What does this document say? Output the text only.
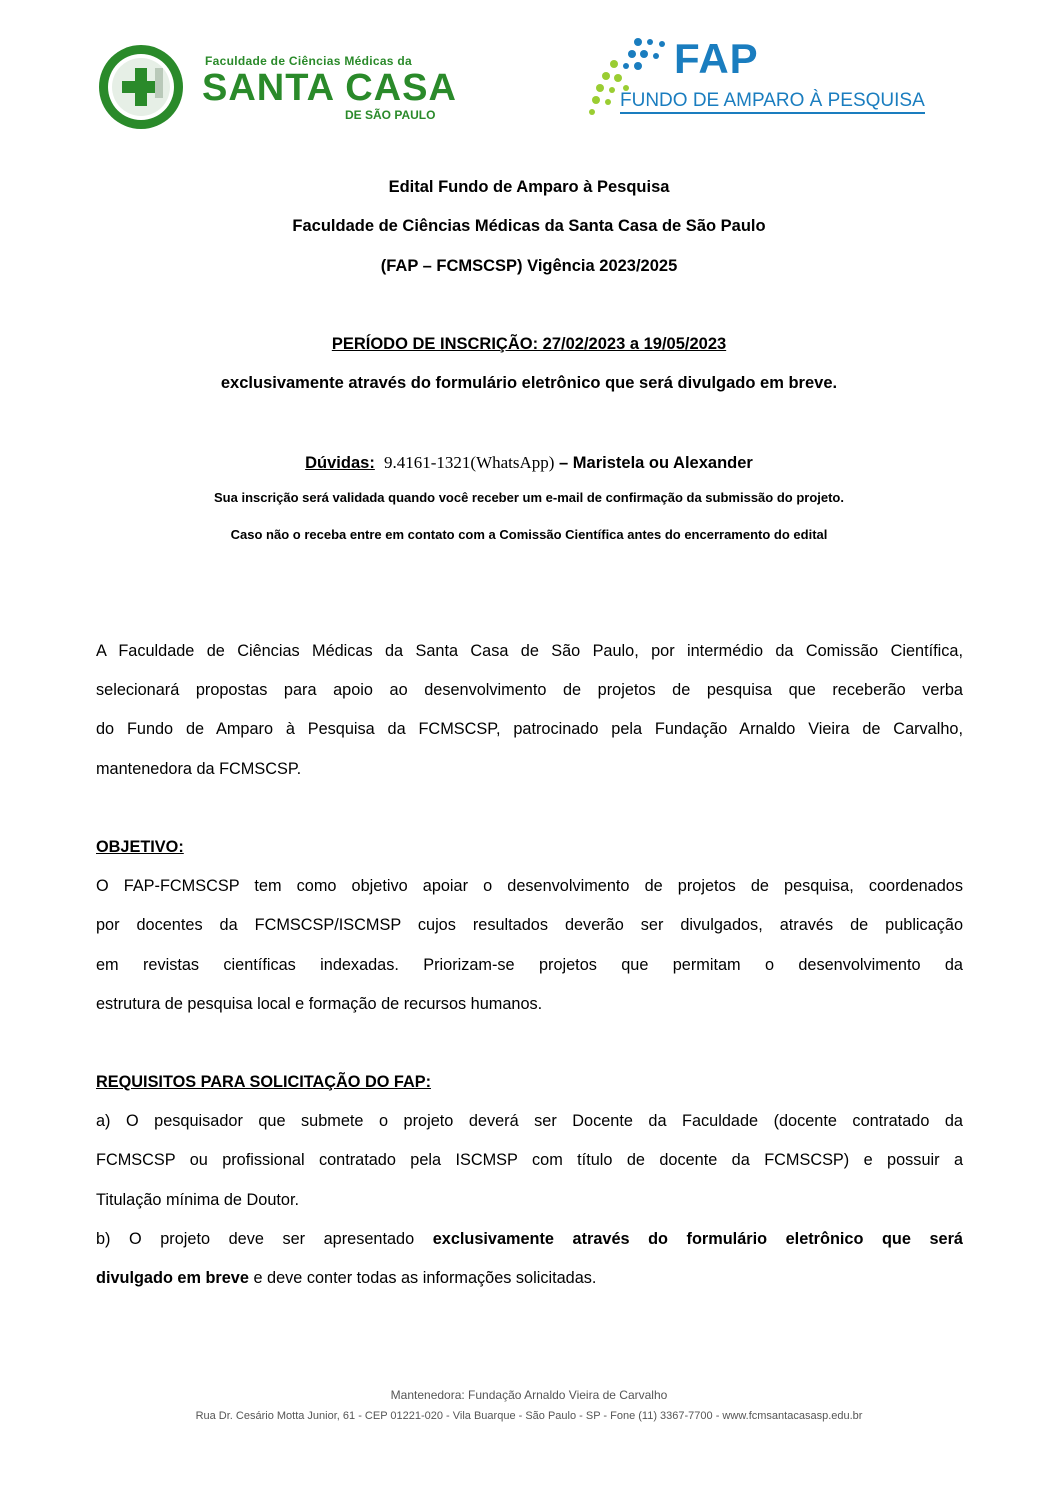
Faculdade de Ciências Médicas da
SANTA CASA
DE SÃO PAULO
FAP
FUNDO DE AMPARO À PESQUISA
Edital Fundo de Amparo à Pesquisa
Faculdade de Ciências Médicas da Santa Casa de São Paulo
(FAP – FCMSCSP) Vigência 2023/2025
PERÍODO DE INSCRIÇÃO: 27/02/2023 a 19/05/2023
exclusivamente através do formulário eletrônico que será divulgado em breve.
Dúvidas: 9.4161-1321(WhatsApp) – Maristela ou Alexander
Sua inscrição será validada quando você receber um e-mail de confirmação da submissão do projeto.
Caso não o receba entre em contato com a Comissão Científica antes do encerramento do edital
A Faculdade de Ciências Médicas da Santa Casa de São Paulo, por intermédio da Comissão Científica,
selecionará propostas para apoio ao desenvolvimento de projetos de pesquisa que receberão verba
do Fundo de Amparo à Pesquisa da FCMSCSP, patrocinado pela Fundação Arnaldo Vieira de Carvalho,
mantenedora da FCMSCSP.
OBJETIVO:
O FAP-FCMSCSP tem como objetivo apoiar o desenvolvimento de projetos de pesquisa, coordenados
por docentes da FCMSCSP/ISCMSP cujos resultados deverão ser divulgados, através de publicação
em revistas científicas indexadas. Priorizam-se projetos que permitam o desenvolvimento da
estrutura de pesquisa local e formação de recursos humanos.
REQUISITOS PARA SOLICITAÇÃO DO FAP:
a) O pesquisador que submete o projeto deverá ser Docente da Faculdade (docente contratado da
FCMSCSP ou profissional contratado pela ISCMSP com título de docente da FCMSCSP) e possuir a
Titulação mínima de Doutor.
b) O projeto deve ser apresentado exclusivamente através do formulário eletrônico que será
divulgado em breve e deve conter todas as informações solicitadas.
Mantenedora: Fundação Arnaldo Vieira de Carvalho
Rua Dr. Cesário Motta Junior, 61 - CEP 01221-020 - Vila Buarque - São Paulo - SP - Fone (11) 3367-7700 - www.fcmsantacasasp.edu.br
